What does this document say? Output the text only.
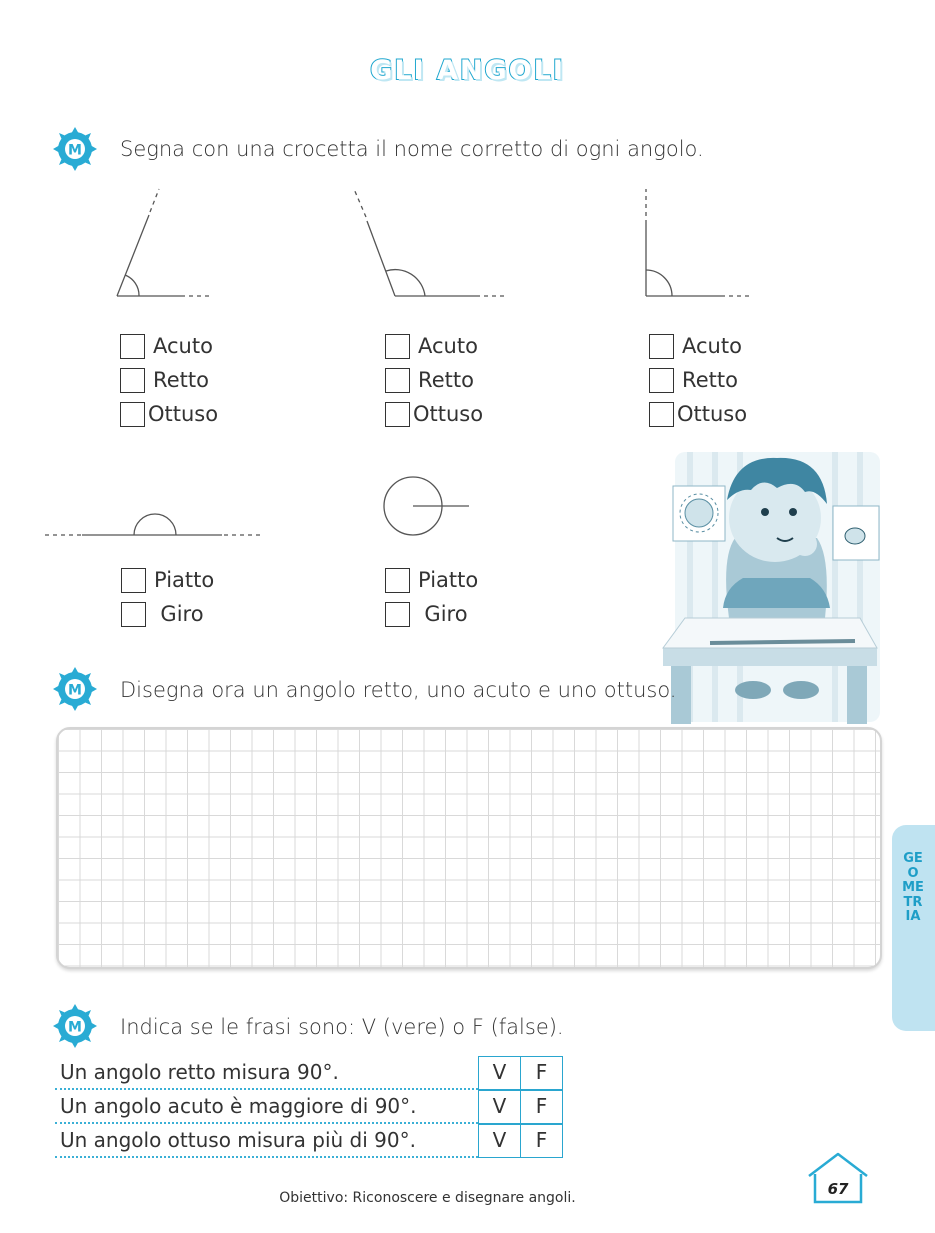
GLI ANGOLI
M Segna con una crocetta il nome corretto di ogni angolo.
Acuto
Retto
Ottuso
Acuto
Retto
Ottuso
Acuto
Retto
Ottuso
Piatto
Giro
Piatto
Giro
M Disegna ora un angolo retto, uno acuto e uno ottuso.
GEOMETRIA
M Indica se le frasi sono: V (vere) o F (false).
Un angolo retto misura 90°.	V	F
Un angolo acuto è maggiore di 90°.	V	F
Un angolo ottuso misura più di 90°.	V	F
Obiettivo: Riconoscere e disegnare angoli.	67
